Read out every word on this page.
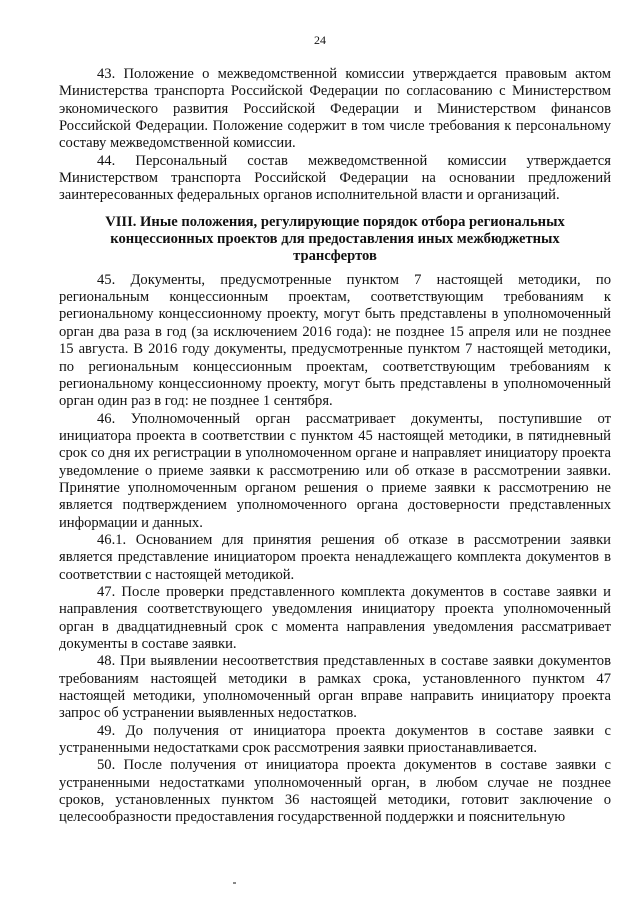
24

43. Положение о межведомственной комиссии утверждается правовым актом Министерства транспорта Российской Федерации по согласованию с Министерством экономического развития Российской Федерации и Министерством финансов Российской Федерации. Положение содержит в том числе требования к персональному составу межведомственной комиссии.

44. Персональный состав межведомственной комиссии утверждается Министерством транспорта Российской Федерации на основании предложений заинтересованных федеральных органов исполнительной власти и организаций.

VIII. Иные положения, регулирующие порядок отбора региональных
концессионных проектов для предоставления иных межбюджетных
трансфертов

45. Документы, предусмотренные пунктом 7 настоящей методики, по региональным концессионным проектам, соответствующим требованиям к региональному концессионному проекту, могут быть представлены в уполномоченный орган два раза в год (за исключением 2016 года): не позднее 15 апреля или не позднее 15 августа. В 2016 году документы, предусмотренные пунктом 7 настоящей методики, по региональным концессионным проектам, соответствующим требованиям к региональному концессионному проекту, могут быть представлены в уполномоченный орган один раз в год: не позднее 1 сентября.

46. Уполномоченный орган рассматривает документы, поступившие от инициатора проекта в соответствии с пунктом 45 настоящей методики, в пятидневный срок со дня их регистрации в уполномоченном органе и направляет инициатору проекта уведомление о приеме заявки к рассмотрению или об отказе в рассмотрении заявки. Принятие уполномоченным органом решения о приеме заявки к рассмотрению не является подтверждением уполномоченного органа достоверности представленных информации и данных.

46.1. Основанием для принятия решения об отказе в рассмотрении заявки является представление инициатором проекта ненадлежащего комплекта документов в соответствии с настоящей методикой.

47. После проверки представленного комплекта документов в составе заявки и направления соответствующего уведомления инициатору проекта уполномоченный орган в двадцатидневный срок с момента направления уведомления рассматривает документы в составе заявки.

48. При выявлении несоответствия представленных в составе заявки документов требованиям настоящей методики в рамках срока, установленного пунктом 47 настоящей методики, уполномоченный орган вправе направить инициатору проекта запрос об устранении выявленных недостатков.

49. До получения от инициатора проекта документов в составе заявки с устраненными недостатками срок рассмотрения заявки приостанавливается.

50. После получения от инициатора проекта документов в составе заявки с устраненными недостатками уполномоченный орган, в любом случае не позднее сроков, установленных пунктом 36 настоящей методики, готовит заключение о целесообразности предоставления государственной поддержки и пояснительную
